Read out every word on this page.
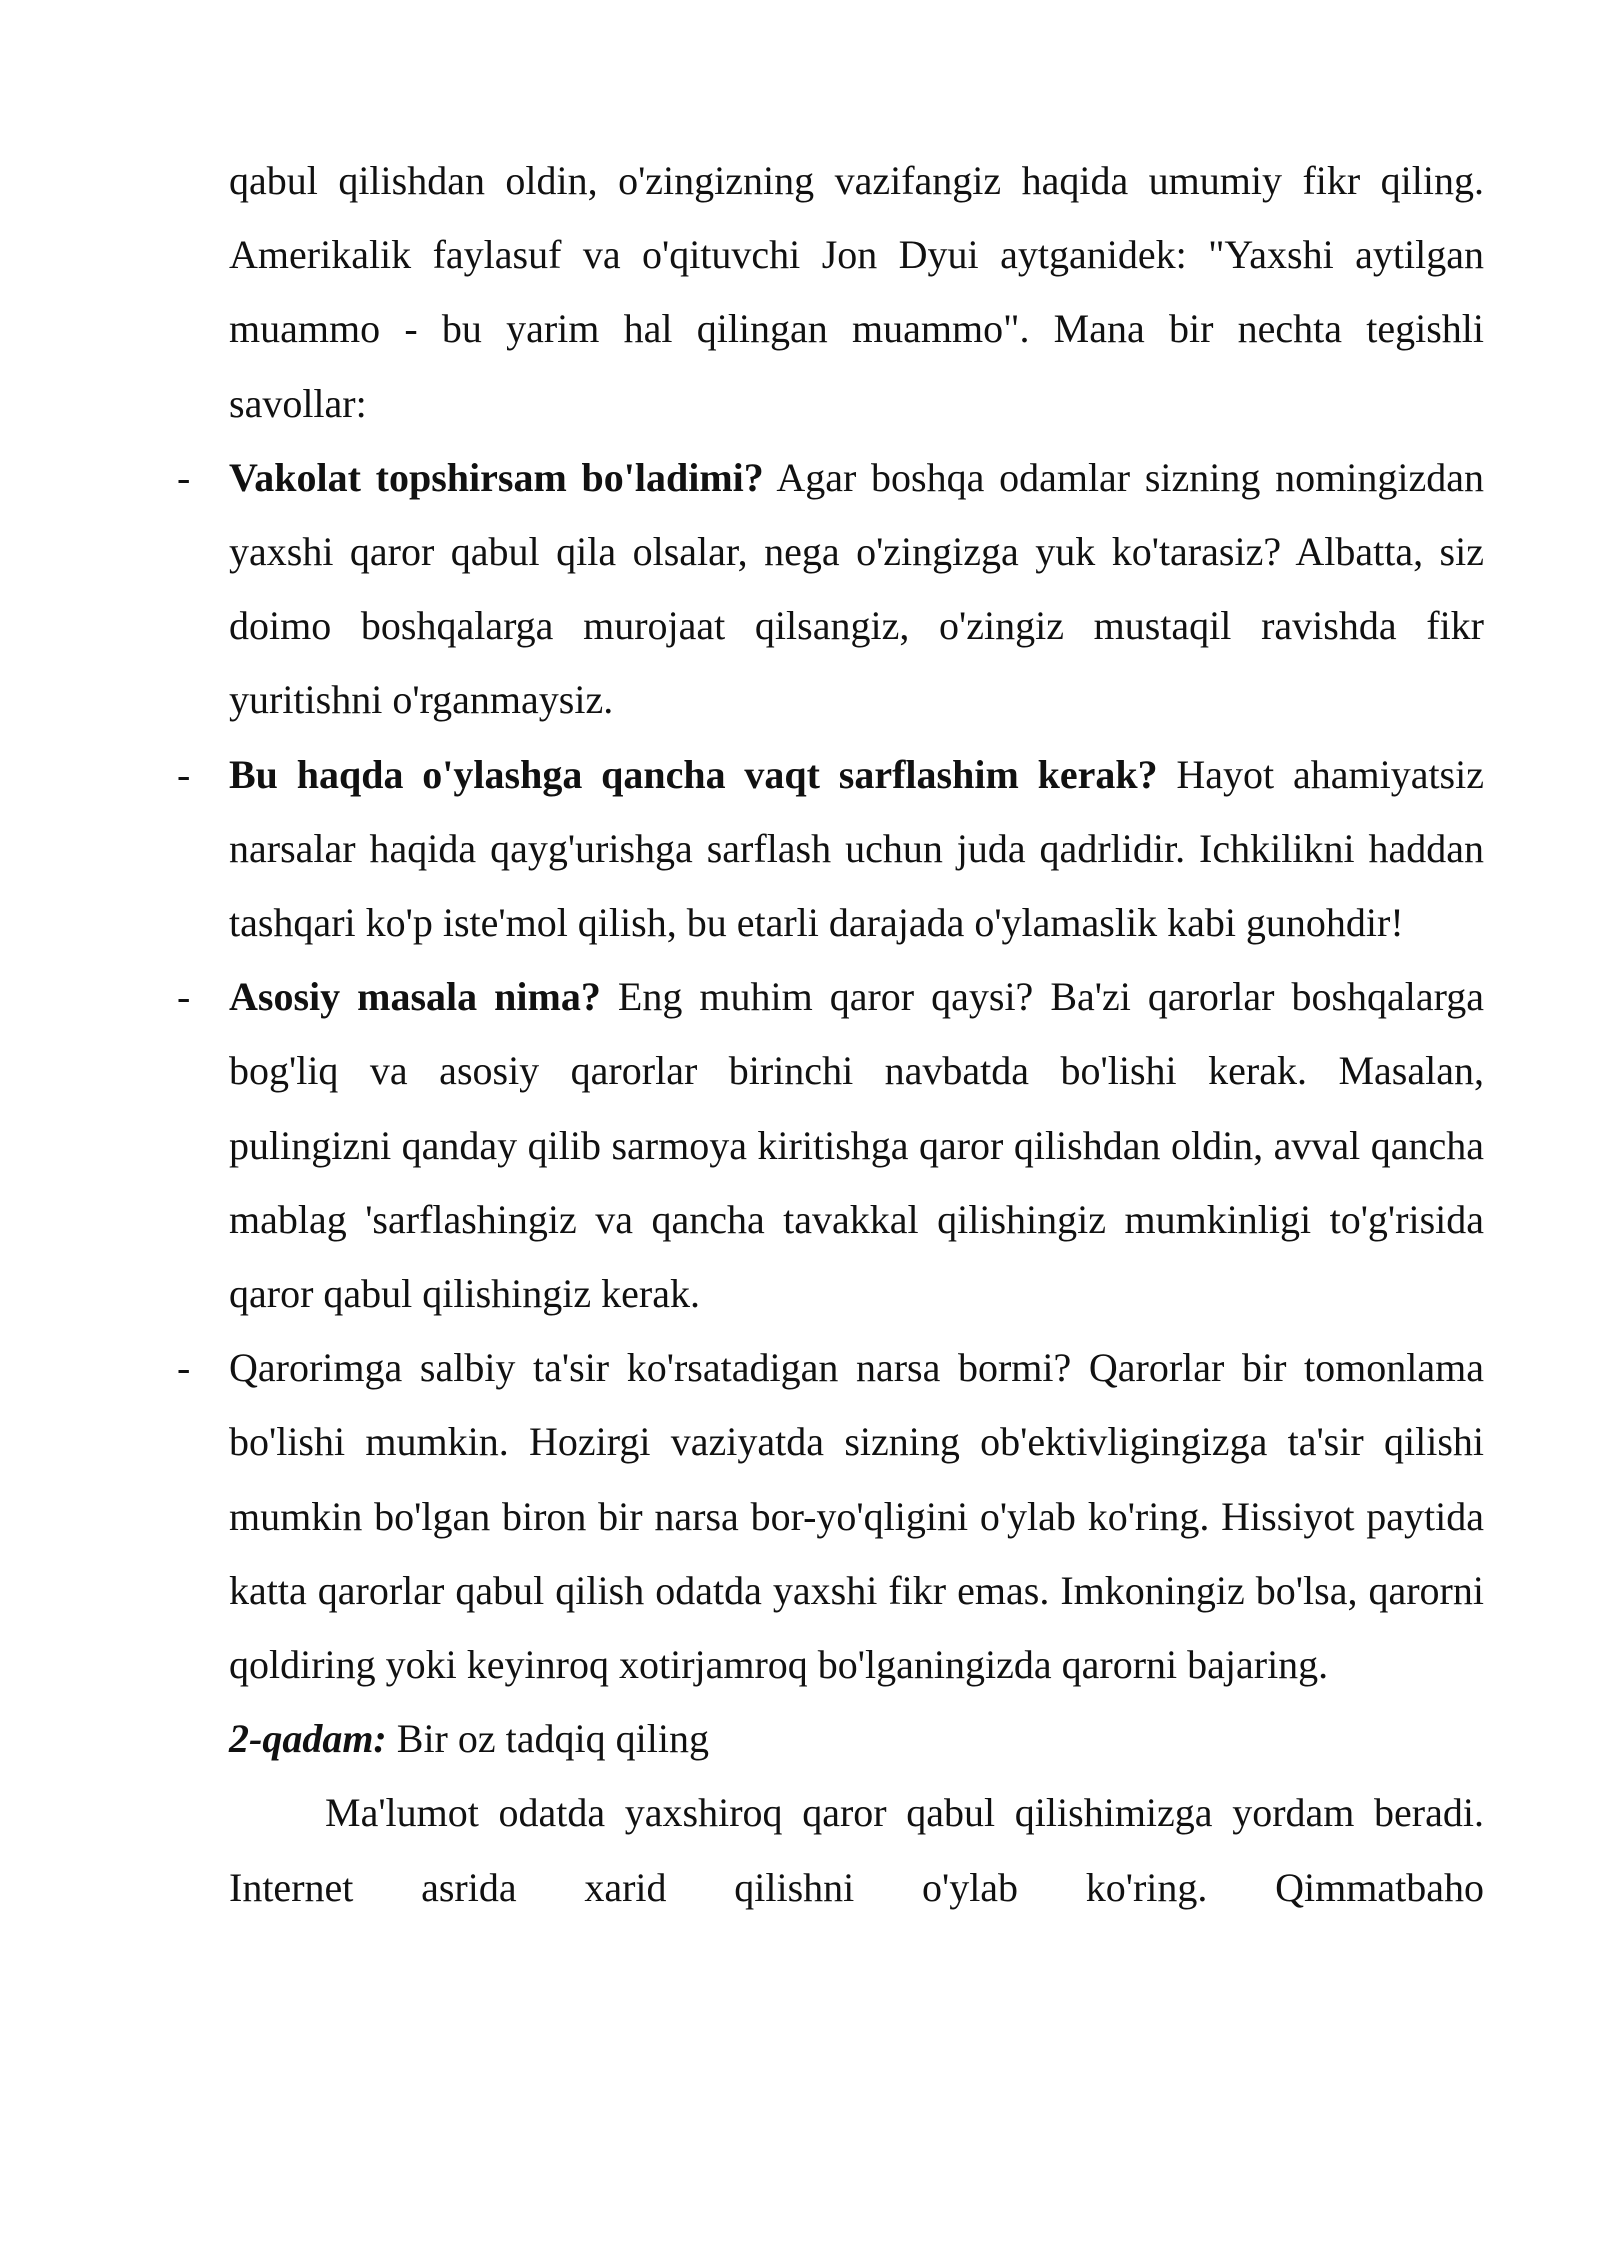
qabul qilishdan oldin, o'zingizning vazifangiz haqida umumiy fikr qiling. Amerikalik faylasuf va o'qituvchi Jon Dyui aytganidek: "Yaxshi aytilgan muammo - bu yarim hal qilingan muammo". Mana bir nechta tegishli savollar:

- Vakolat topshirsam bo'ladimi? Agar boshqa odamlar sizning nomingizdan yaxshi qaror qabul qila olsalar, nega o'zingizga yuk ko'tarasiz? Albatta, siz doimo boshqalarga murojaat qilsangiz, o'zingiz mustaqil ravishda fikr yuritishni o'rganmaysiz.

- Bu haqda o'ylashga qancha vaqt sarflashim kerak? Hayot ahamiyatsiz narsalar haqida qayg'urishga sarflash uchun juda qadrlidir. Ichkilikni haddan tashqari ko'p iste'mol qilish, bu etarli darajada o'ylamaslik kabi gunohdir!

- Asosiy masala nima? Eng muhim qaror qaysi? Ba'zi qarorlar boshqalarga bog'liq va asosiy qarorlar birinchi navbatda bo'lishi kerak. Masalan, pulingizni qanday qilib sarmoya kiritishga qaror qilishdan oldin, avval qancha mablag 'sarflashingiz va qancha tavakkal qilishingiz mumkinligi to'g'risida qaror qabul qilishingiz kerak.

- Qarorimga salbiy ta'sir ko'rsatadigan narsa bormi? Qarorlar bir tomonlama bo'lishi mumkin. Hozirgi vaziyatda sizning ob'ektivligingizga ta'sir qilishi mumkin bo'lgan biron bir narsa bor-yo'qligini o'ylab ko'ring. Hissiyot paytida katta qarorlar qabul qilish odatda yaxshi fikr emas. Imkoningiz bo'lsa, qarorni qoldiring yoki keyinroq xotirjamroq bo'lganingizda qarorni bajaring.

2-qadam: Bir oz tadqiq qiling

Ma'lumot odatda yaxshiroq qaror qabul qilishimizga yordam beradi. Internet asrida xarid qilishni o'ylab ko'ring. Qimmatbaho
